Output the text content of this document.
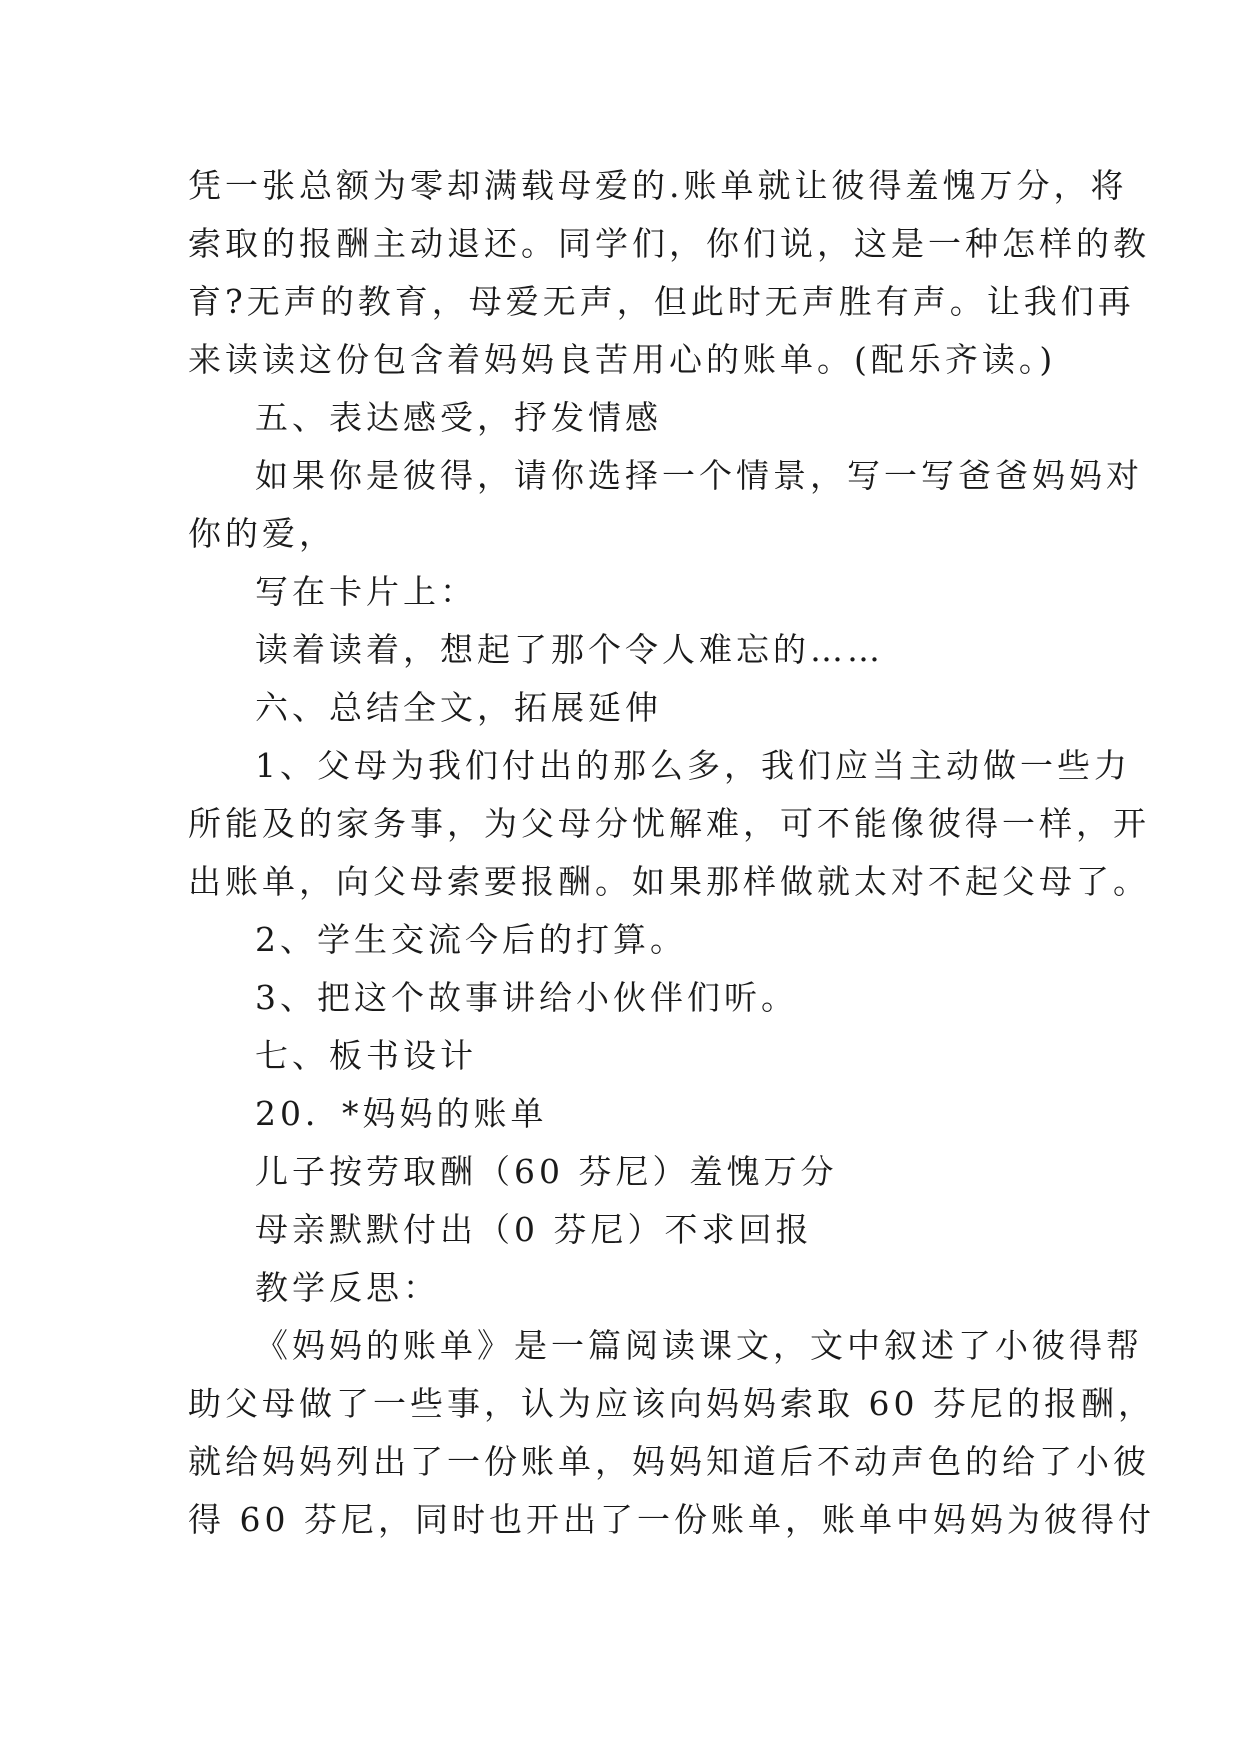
凭一张总额为零却满载母爱的.账单就让彼得羞愧万分，将
索取的报酬主动退还。同学们，你们说，这是一种怎样的教
育?无声的教育，母爱无声，但此时无声胜有声。让我们再
来读读这份包含着妈妈良苦用心的账单。(配乐齐读。)
五、表达感受，抒发情感
如果你是彼得，请你选择一个情景，写一写爸爸妈妈对
你的爱，
写在卡片上：
读着读着，想起了那个令人难忘的……
六、总结全文，拓展延伸
1、父母为我们付出的那么多，我们应当主动做一些力
所能及的家务事，为父母分忧解难，可不能像彼得一样，开
出账单，向父母索要报酬。如果那样做就太对不起父母了。
2、学生交流今后的打算。
3、把这个故事讲给小伙伴们听。
七、板书设计
20．*妈妈的账单
儿子按劳取酬（60 芬尼）羞愧万分
母亲默默付出（0 芬尼）不求回报
教学反思：
《妈妈的账单》是一篇阅读课文，文中叙述了小彼得帮
助父母做了一些事，认为应该向妈妈索取 60 芬尼的报酬，
就给妈妈列出了一份账单，妈妈知道后不动声色的给了小彼
得 60 芬尼，同时也开出了一份账单，账单中妈妈为彼得付
